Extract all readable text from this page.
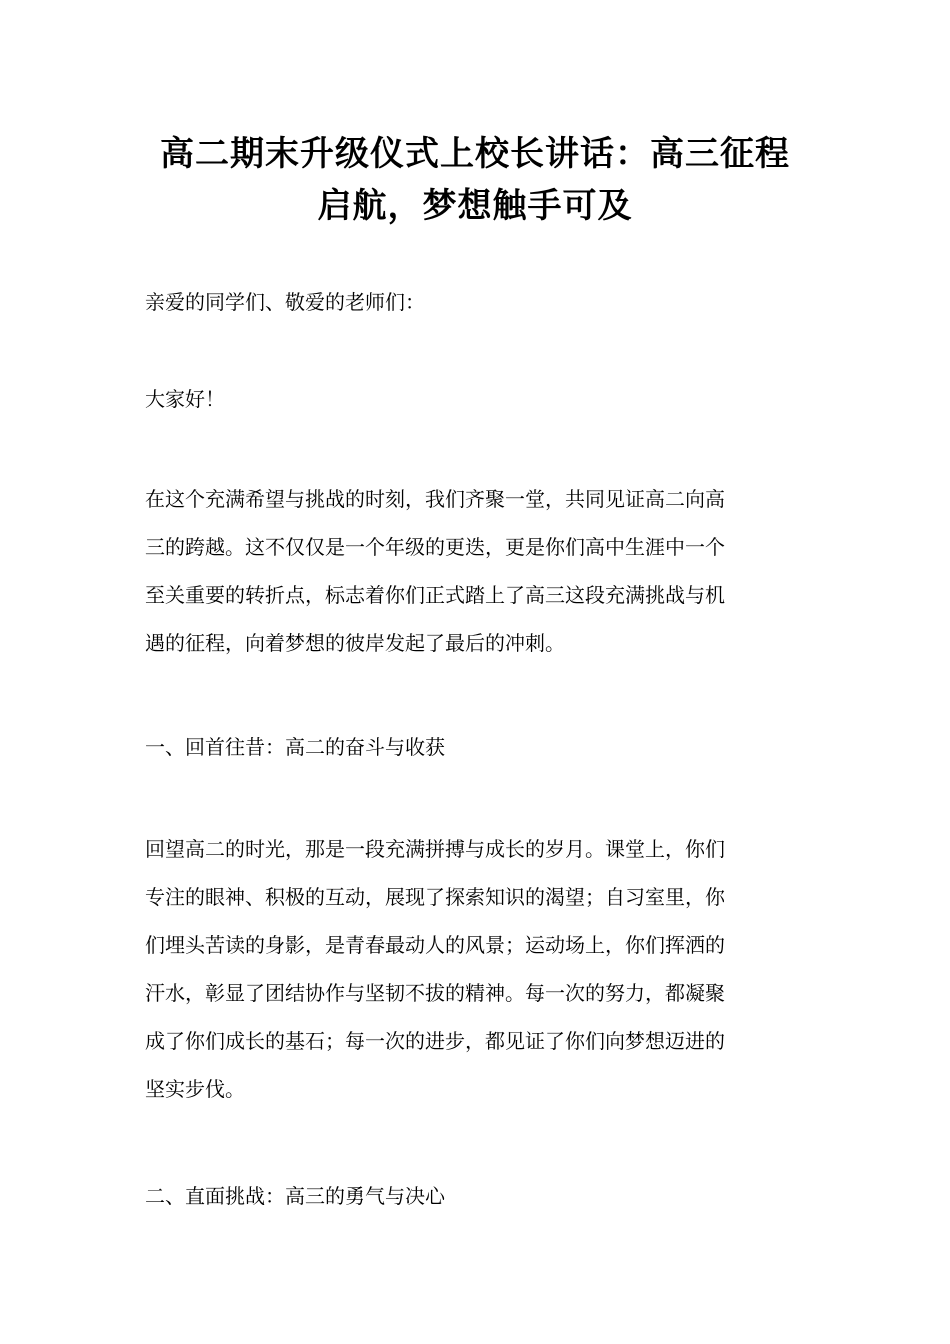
高二期末升级仪式上校长讲话：高三征程
启航，梦想触手可及

亲爱的同学们、敬爱的老师们：

大家好！

在这个充满希望与挑战的时刻，我们齐聚一堂，共同见证高二向高
三的跨越。这不仅仅是一个年级的更迭，更是你们高中生涯中一个
至关重要的转折点，标志着你们正式踏上了高三这段充满挑战与机
遇的征程，向着梦想的彼岸发起了最后的冲刺。

一、回首往昔：高二的奋斗与收获

回望高二的时光，那是一段充满拼搏与成长的岁月。课堂上，你们
专注的眼神、积极的互动，展现了探索知识的渴望；自习室里，你
们埋头苦读的身影，是青春最动人的风景；运动场上，你们挥洒的
汗水，彰显了团结协作与坚韧不拔的精神。每一次的努力，都凝聚
成了你们成长的基石；每一次的进步，都见证了你们向梦想迈进的
坚实步伐。

二、直面挑战：高三的勇气与决心
